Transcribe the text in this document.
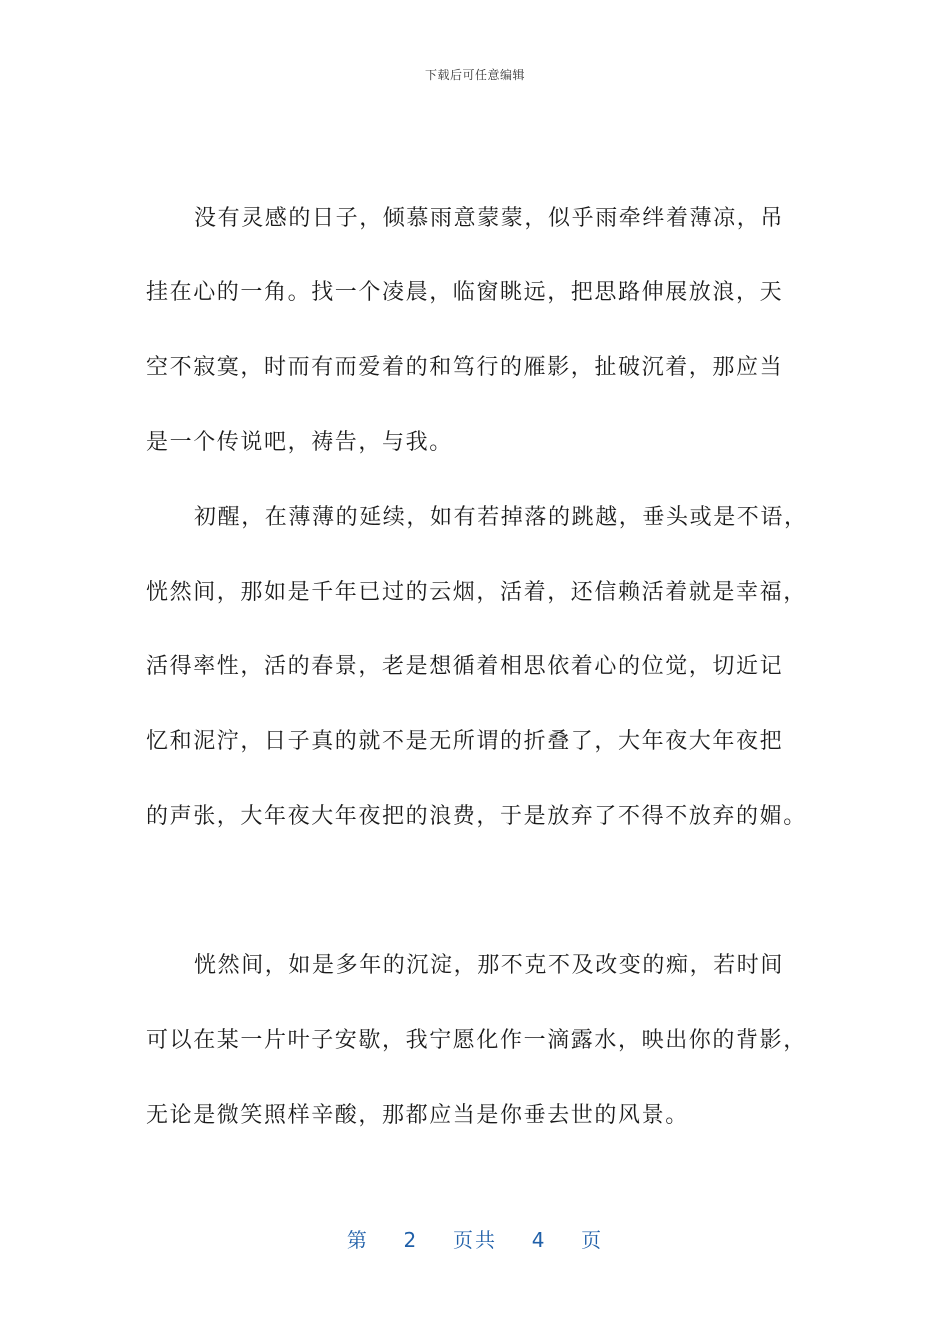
下载后可任意编辑
没有灵感的日子，倾慕雨意蒙蒙，似乎雨牵绊着薄凉，吊
挂在心的一角。找一个凌晨，临窗眺远，把思路伸展放浪，天
空不寂寞，时而有而爱着的和笃行的雁影，扯破沉着，那应当
是一个传说吧，祷告，与我。
初醒，在薄薄的延续，如有若掉落的跳越，垂头或是不语，
恍然间，那如是千年已过的云烟，活着，还信赖活着就是幸福，
活得率性，活的春景，老是想循着相思依着心的位觉，切近记
忆和泥泞，日子真的就不是无所谓的折叠了，大年夜大年夜把
的声张，大年夜大年夜把的浪费，于是放弃了不得不放弃的媚。
恍然间，如是多年的沉淀，那不克不及改变的痴，若时间
可以在某一片叶子安歇，我宁愿化作一滴露水，映出你的背影，
无论是微笑照样辛酸，那都应当是你垂去世的风景。
第 2 页共 4 页
